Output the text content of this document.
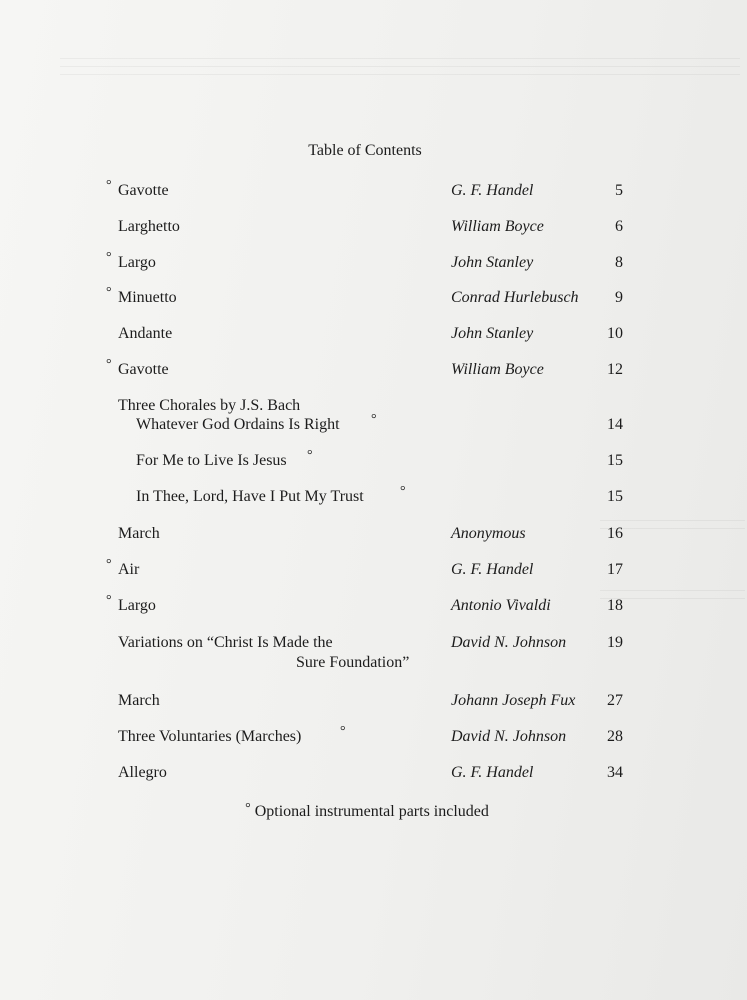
Table of Contents
° Gavotte	G. F. Handel	5
Larghetto	William Boyce	6
° Largo	John Stanley	8
° Minuetto	Conrad Hurlebusch 9
Andante	John Stanley	10
° Gavotte	William Boyce	12
Three Chorales by J.S. Bach
Whatever God Ordains Is Right °	14
For Me to Live Is Jesus °	15
In Thee, Lord, Have I Put My Trust	°	15
March	Anonymous	16
° Air	G. F. Handel	17
° Largo	Antonio Vivaldi	18
Variations on “Christ Is Made the	David N. Johnson	19
Sure Foundation”
March	Johann Joseph Fux 27
Three Voluntaries (Marches)	°	David N. Johnson	28
Allegro	G. F. Handel	34
° Optional instrumental parts included
